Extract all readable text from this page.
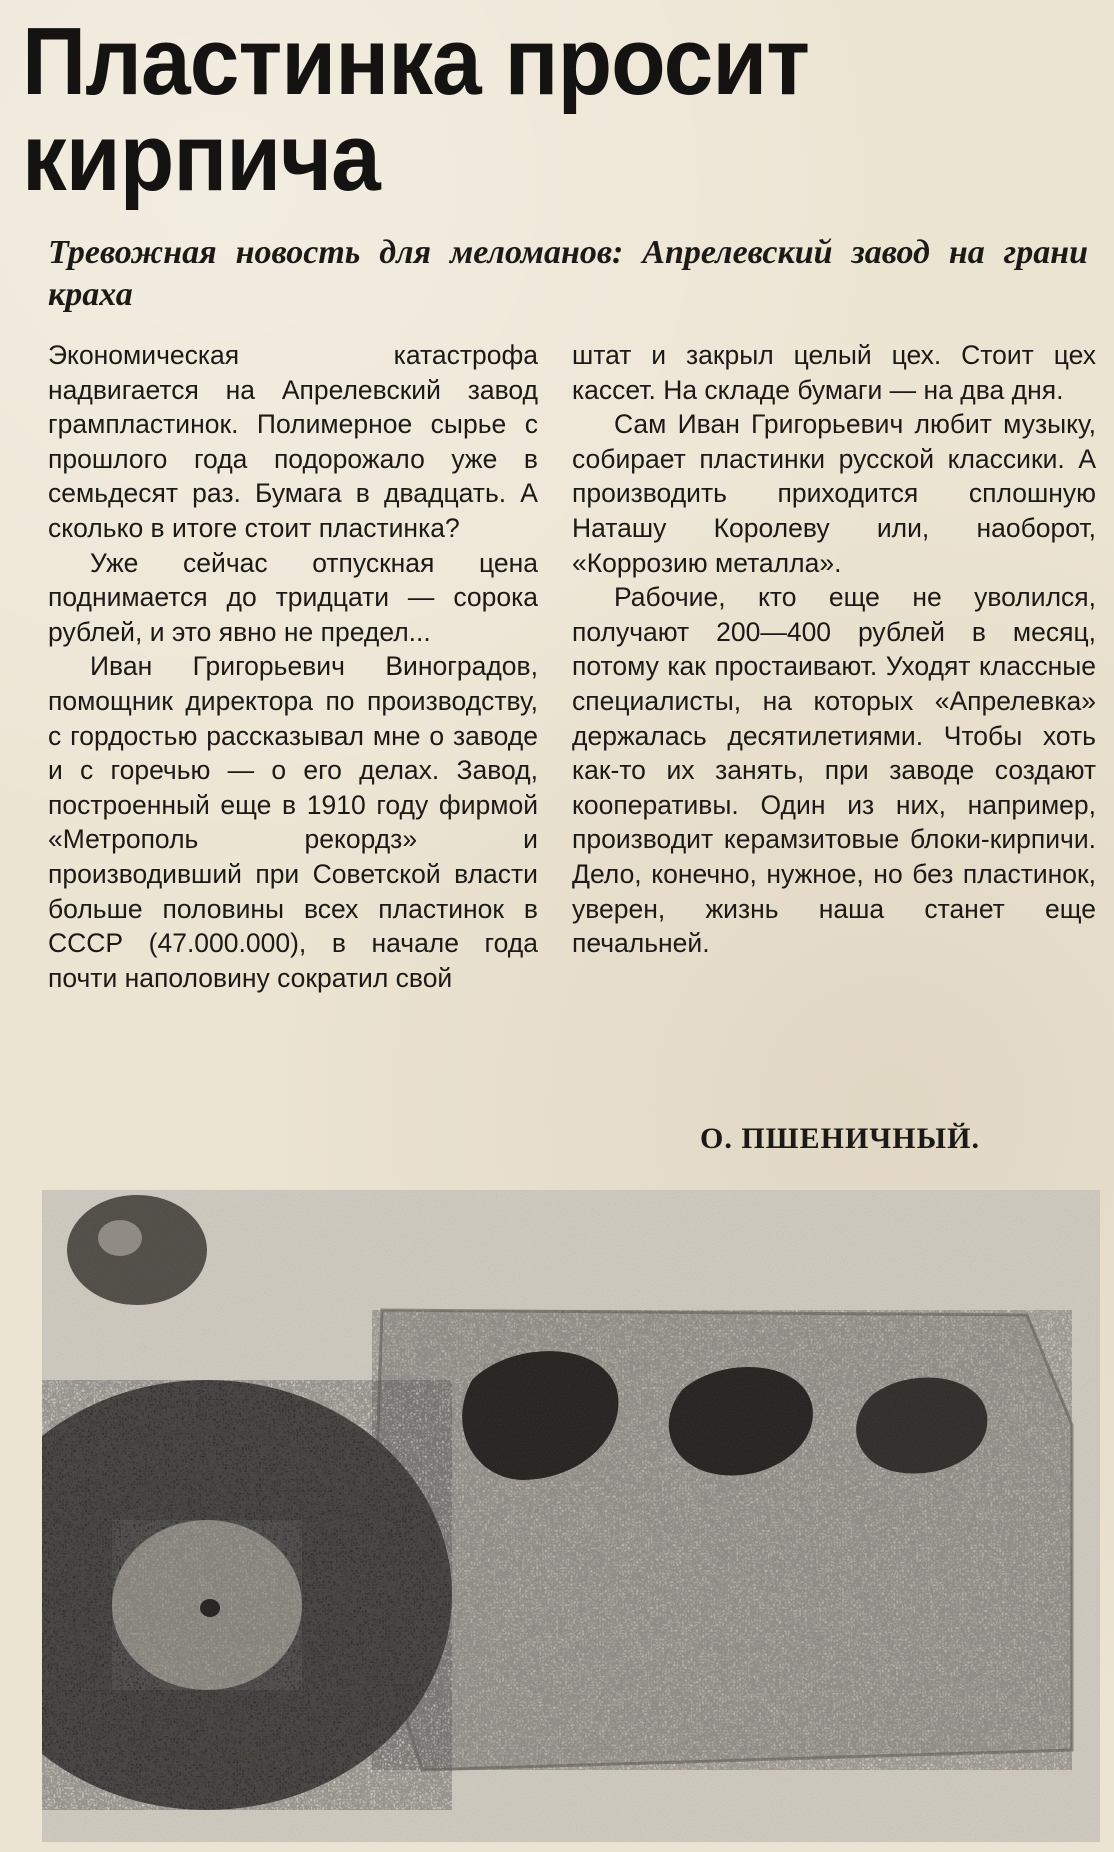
Пластинка просит кирпича
Тревожная новость для меломанов: Апрелевский завод на грани краха

Экономическая катастрофа надвигается на Апрелевский завод грампластинок. Полимерное сырье с прошлого года подорожало уже в семьдесят раз. Бумага в двадцать. А сколько в итоге стоит пластинка?

Уже сейчас отпускная цена поднимается до тридцати — сорока рублей, и это явно не предел...

Иван Григорьевич Виноградов, помощник директора по производству, с гордостью рассказывал мне о заводе и с горечью — о его делах. Завод, построенный еще в 1910 году фирмой «Метрополь рекордз» и производивший при Советской власти больше половины всех пластинок в СССР (47.000.000), в начале года почти наполовину сократил свой

штат и закрыл целый цех. Стоит цех кассет. На складе бумаги — на два дня.

Сам Иван Григорьевич любит музыку, собирает пластинки русской классики. А производить приходится сплошную Наташу Королеву или, наоборот, «Коррозию металла».

Рабочие, кто еще не уволился, получают 200—400 рублей в месяц, потому как простаивают. Уходят классные специалисты, на которых «Апрелевка» держалась десятилетиями. Чтобы хоть как-то их занять, при заводе создают кооперативы. Один из них, например, производит керамзитовые блоки-кирпичи. Дело, конечно, нужное, но без пластинок, уверен, жизнь наша станет еще печальней.

О. ПШЕНИЧНЫЙ.
